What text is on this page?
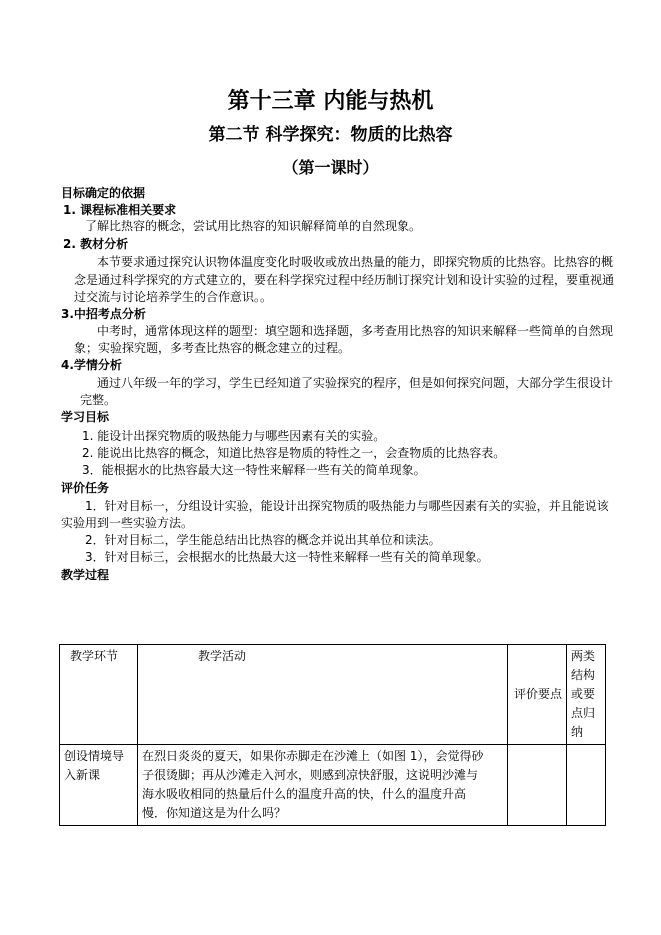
第十三章 内能与热机
第二节 科学探究：物质的比热容
（第一课时）
目标确定的依据
1. 课程标准相关要求
了解比热容的概念，尝试用比热容的知识解释简单的自然现象。
2. 教材分析
本节要求通过探究认识物体温度变化时吸收或放出热量的能力，即探究物质的比热容。比热容的概
念是通过科学探究的方式建立的，要在科学探究过程中经历制订探究计划和设计实验的过程，要重视通
过交流与讨论培养学生的合作意识。。
3.中招考点分析
中考时，通常体现这样的题型：填空题和选择题，多考查用比热容的知识来解释一些简单的自然现
象；实验探究题，多考查比热容的概念建立的过程。
4.学情分析
通过八年级一年的学习，学生已经知道了实验探究的程序，但是如何探究问题，大部分学生很设计
完整。
学习目标
1. 能设计出探究物质的吸热能力与哪些因素有关的实验。
2. 能说出比热容的概念，知道比热容是物质的特性之一，会查物质的比热容表。
3．能根据水的比热容最大这一特性来解释一些有关的简单现象。
评价任务
1．针对目标一，分组设计实验，能设计出探究物质的吸热能力与哪些因素有关的实验，并且能说该
实验用到一些实验方法。
2．针对目标二，学生能总结出比热容的概念并说出其单位和读法。
3．针对目标三，会根据水的比热最大这一特性来解释一些有关的简单现象。
教学过程
教学环节	教学活动	评价要点	两类结构或要点归纳
创设情境导入新课	在烈日炎炎的夏天，如果你赤脚走在沙滩上（如图 1），会觉得砂子很烫脚；再从沙滩走入河水，则感到凉快舒服，这说明沙滩与海水吸收相同的热量后什么的温度升高的快，什么的温度升高慢．你知道这是为什么吗？		
